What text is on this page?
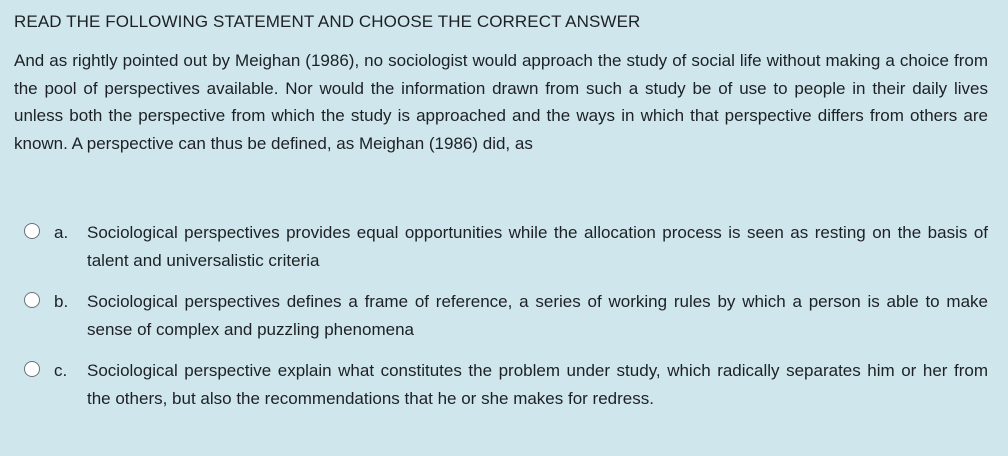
READ THE FOLLOWING STATEMENT AND CHOOSE THE CORRECT ANSWER
And as rightly pointed out by Meighan (1986), no sociologist would approach the study of social life without making a choice from the pool of perspectives available. Nor would the information drawn from such a study be of use to people in their daily lives unless both the perspective from which the study is approached and the ways in which that perspective differs from others are known. A perspective can thus be defined, as Meighan (1986) did, as
a. Sociological perspectives provides equal opportunities while the allocation process is seen as resting on the basis of talent and universalistic criteria
b. Sociological perspectives defines a frame of reference, a series of working rules by which a person is able to make sense of complex and puzzling phenomena
c. Sociological perspective explain what constitutes the problem under study, which radically separates him or her from the others, but also the recommendations that he or she makes for redress.
